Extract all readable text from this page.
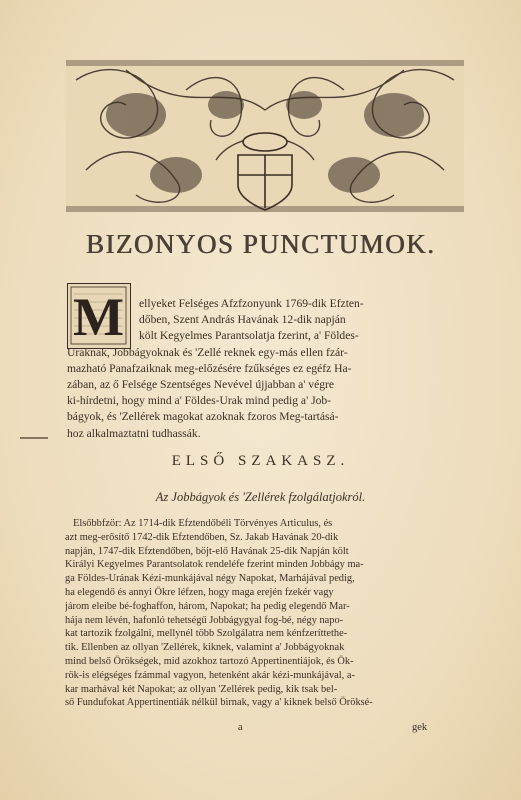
BIZONYOS PUNCTUMOK.
M	ellyeket Felséges Afzfzonyunk 1769-dik Efzten-
dőben, Szent András Havának 12-dik napján
költ Kegyelmes Parantsolatja fzerint, a' Földes-
Uraknak, Jobbágyoknak és 'Zellé reknek egy-más ellen fzár-
mazható Panafzaiknak meg-előzésére fzűkséges ez egéfz Ha-
zában, az ő Felsége Szentséges Nevével újjabban a' végre
ki-hírdetni, hogy mind a' Földes-Urak mind pedig a' Job-
bágyok, és 'Zellérek magokat azoknak fzoros Meg-tartásá-
hoz alkalmaztatni tudhassák.
ELSŐ SZAKASZ.
Az Jobbágyok és 'Zellérek fzolgálatjokról.
Elsőbbfzör: Az 1714-dik Efztendőbéli Törvényes Articulus, és
azt meg-erősítő 1742-dik Efztendőben, Sz. Jakab Havának 20-dik
napján, 1747-dik Efztendőben, böjt-elő Havának 25-dik Napján költ
Királyi Kegyelmes Parantsolatok rendeléfe fzerint minden Jobbágy ma-
ga Földes-Urának Kézi-munkájával négy Napokat, Marhájával pedig,
ha elegendő és annyi Ökre léfzen, hogy maga erején fzekér vagy
járom eleibe bé-foghaffon, három, Napokat; ha pedig elegendő Mar-
hája nem lévén, hafonló tehetségű Jobbágygyal fog-bé, négy napo-
kat tartozik fzolgálni, mellynél több Szolgálatra nem kénfzeríttethe-
tik. Ellenben az ollyan 'Zellérek, kiknek, valamint a' Jobbágyoknak
mind belső Örökségek, mid azokhoz tartozó Appertinentiájok, és Ök-
rök-is elégséges fzámmal vagyon, hetenként akár kézi-munkájával, a-
kar marhával két Napokat; az ollyan 'Zellérek pedig, kik tsak bel-
ső Fundufokat Appertinentiák nélkül birnak, vagy a' kiknek belső Öröksé-
a	gek
